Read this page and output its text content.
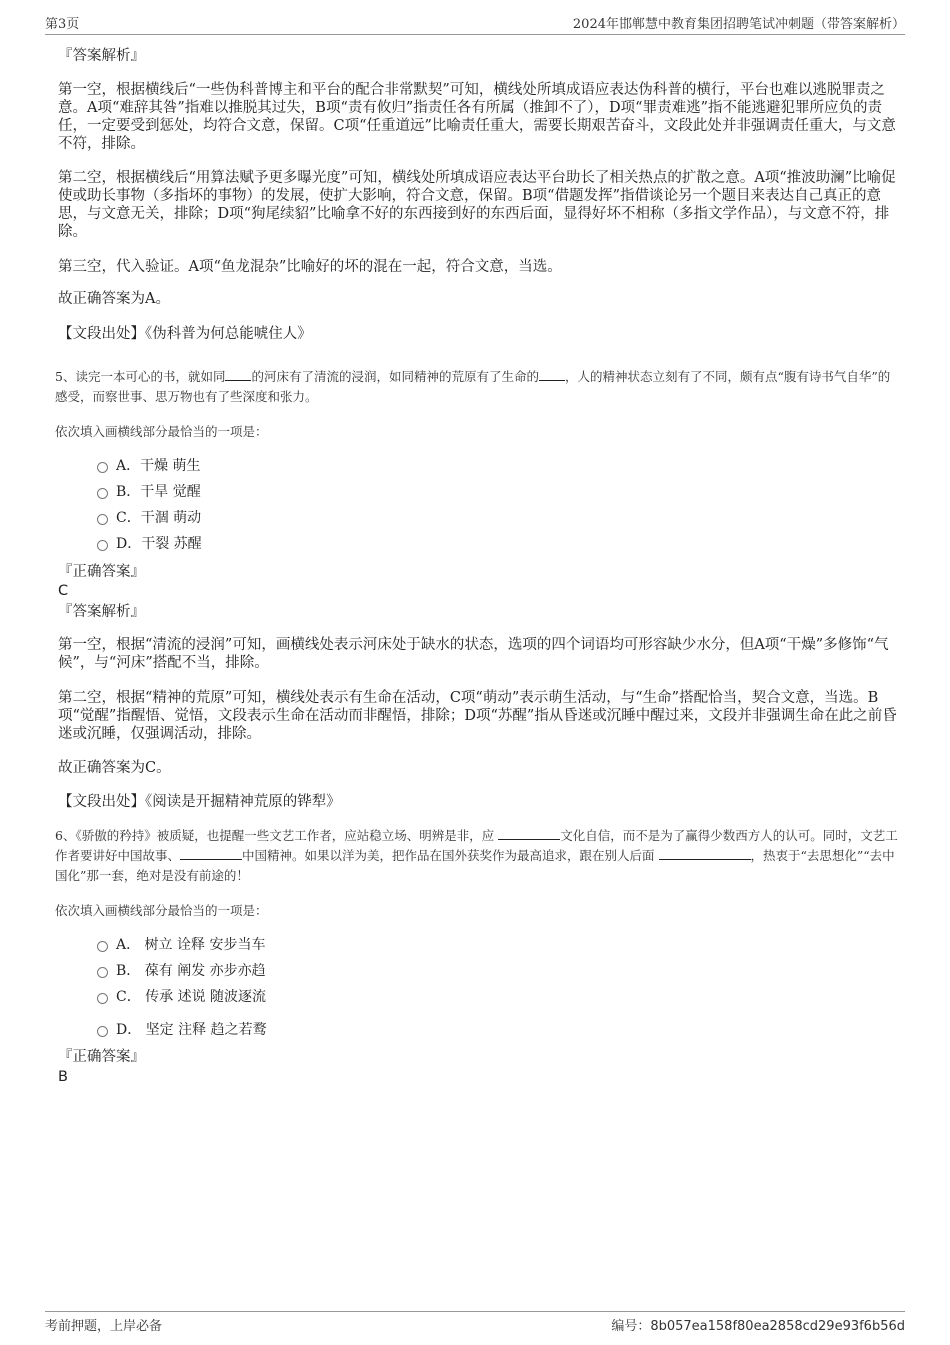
第3页	2024年邯郸慧中教育集团招聘笔试冲刺题（带答案解析）
『答案解析』
第一空，根据横线后“一些伪科普博主和平台的配合非常默契”可知，横线处所填成语应表达伪科普的横行，平台也难以逃脱罪责之意。A项“难辞其咎”指难以推脱其过失，B项“责有攸归”指责任各有所属（推卸不了），D项“罪责难逃”指不能逃避犯罪所应负的责任，一定要受到惩处，均符合文意，保留。C项“任重道远”比喻责任重大，需要长期艰苦奋斗，文段此处并非强调责任重大，与文意不符，排除。
第二空，根据横线后“用算法赋予更多曝光度”可知，横线处所填成语应表达平台助长了相关热点的扩散之意。A项“推波助澜”比喻促使或助长事物（多指坏的事物）的发展，使扩大影响，符合文意，保留。B项“借题发挥”指借谈论另一个题目来表达自己真正的意思，与文意无关，排除；D项“狗尾续貂”比喻拿不好的东西接到好的东西后面，显得好坏不相称（多指文学作品），与文意不符，排除。
第三空，代入验证。A项“鱼龙混杂”比喻好的坏的混在一起，符合文意，当选。
故正确答案为A。
【文段出处】《伪科普为何总能唬住人》
5、读完一本可心的书，就如同 的河床有了清流的浸润，如同精神的荒原有了生命的 ，人的精神状态立刻有了不同，颇有点“腹有诗书气自华”的感受，而察世事、思万物也有了些深度和张力。
依次填入画横线部分最恰当的一项是：
A．干燥 萌生
B．干旱 觉醒
C．干涸 萌动
D．干裂 苏醒
『正确答案』
C
『答案解析』
第一空，根据“清流的浸润”可知，画横线处表示河床处于缺水的状态，选项的四个词语均可形容缺少水分，但A项“干燥”多修饰“气候”，与“河床”搭配不当，排除。
第二空，根据“精神的荒原”可知，横线处表示有生命在活动，C项“萌动”表示萌生活动，与“生命”搭配恰当，契合文意，当选。B项“觉醒”指醒悟、觉悟，文段表示生命在活动而非醒悟，排除；D项“苏醒”指从昏迷或沉睡中醒过来，文段并非强调生命在此之前昏迷或沉睡，仅强调活动，排除。
故正确答案为C。
【文段出处】《阅读是开掘精神荒原的铧犁》
6、《骄傲的矜持》被质疑，也提醒一些文艺工作者，应站稳立场、明辨是非，应	文化自信，而不是为了赢得少数西方人的认可。同时，文艺工作者要讲好中国故事、	中国精神。如果以洋为美，把作品在国外获奖作为最高追求，跟在别人后面	，热衷于“去思想化”“去中国化”那一套，绝对是没有前途的！
依次填入画横线部分最恰当的一项是：
A． 树立 诠释 安步当车
B． 葆有 阐发 亦步亦趋
C． 传承 述说 随波逐流
D． 坚定 注释 趋之若鹜
『正确答案』
B
考前押题，上岸必备	编号：8b057ea158f80ea2858cd29e93f6b56d
